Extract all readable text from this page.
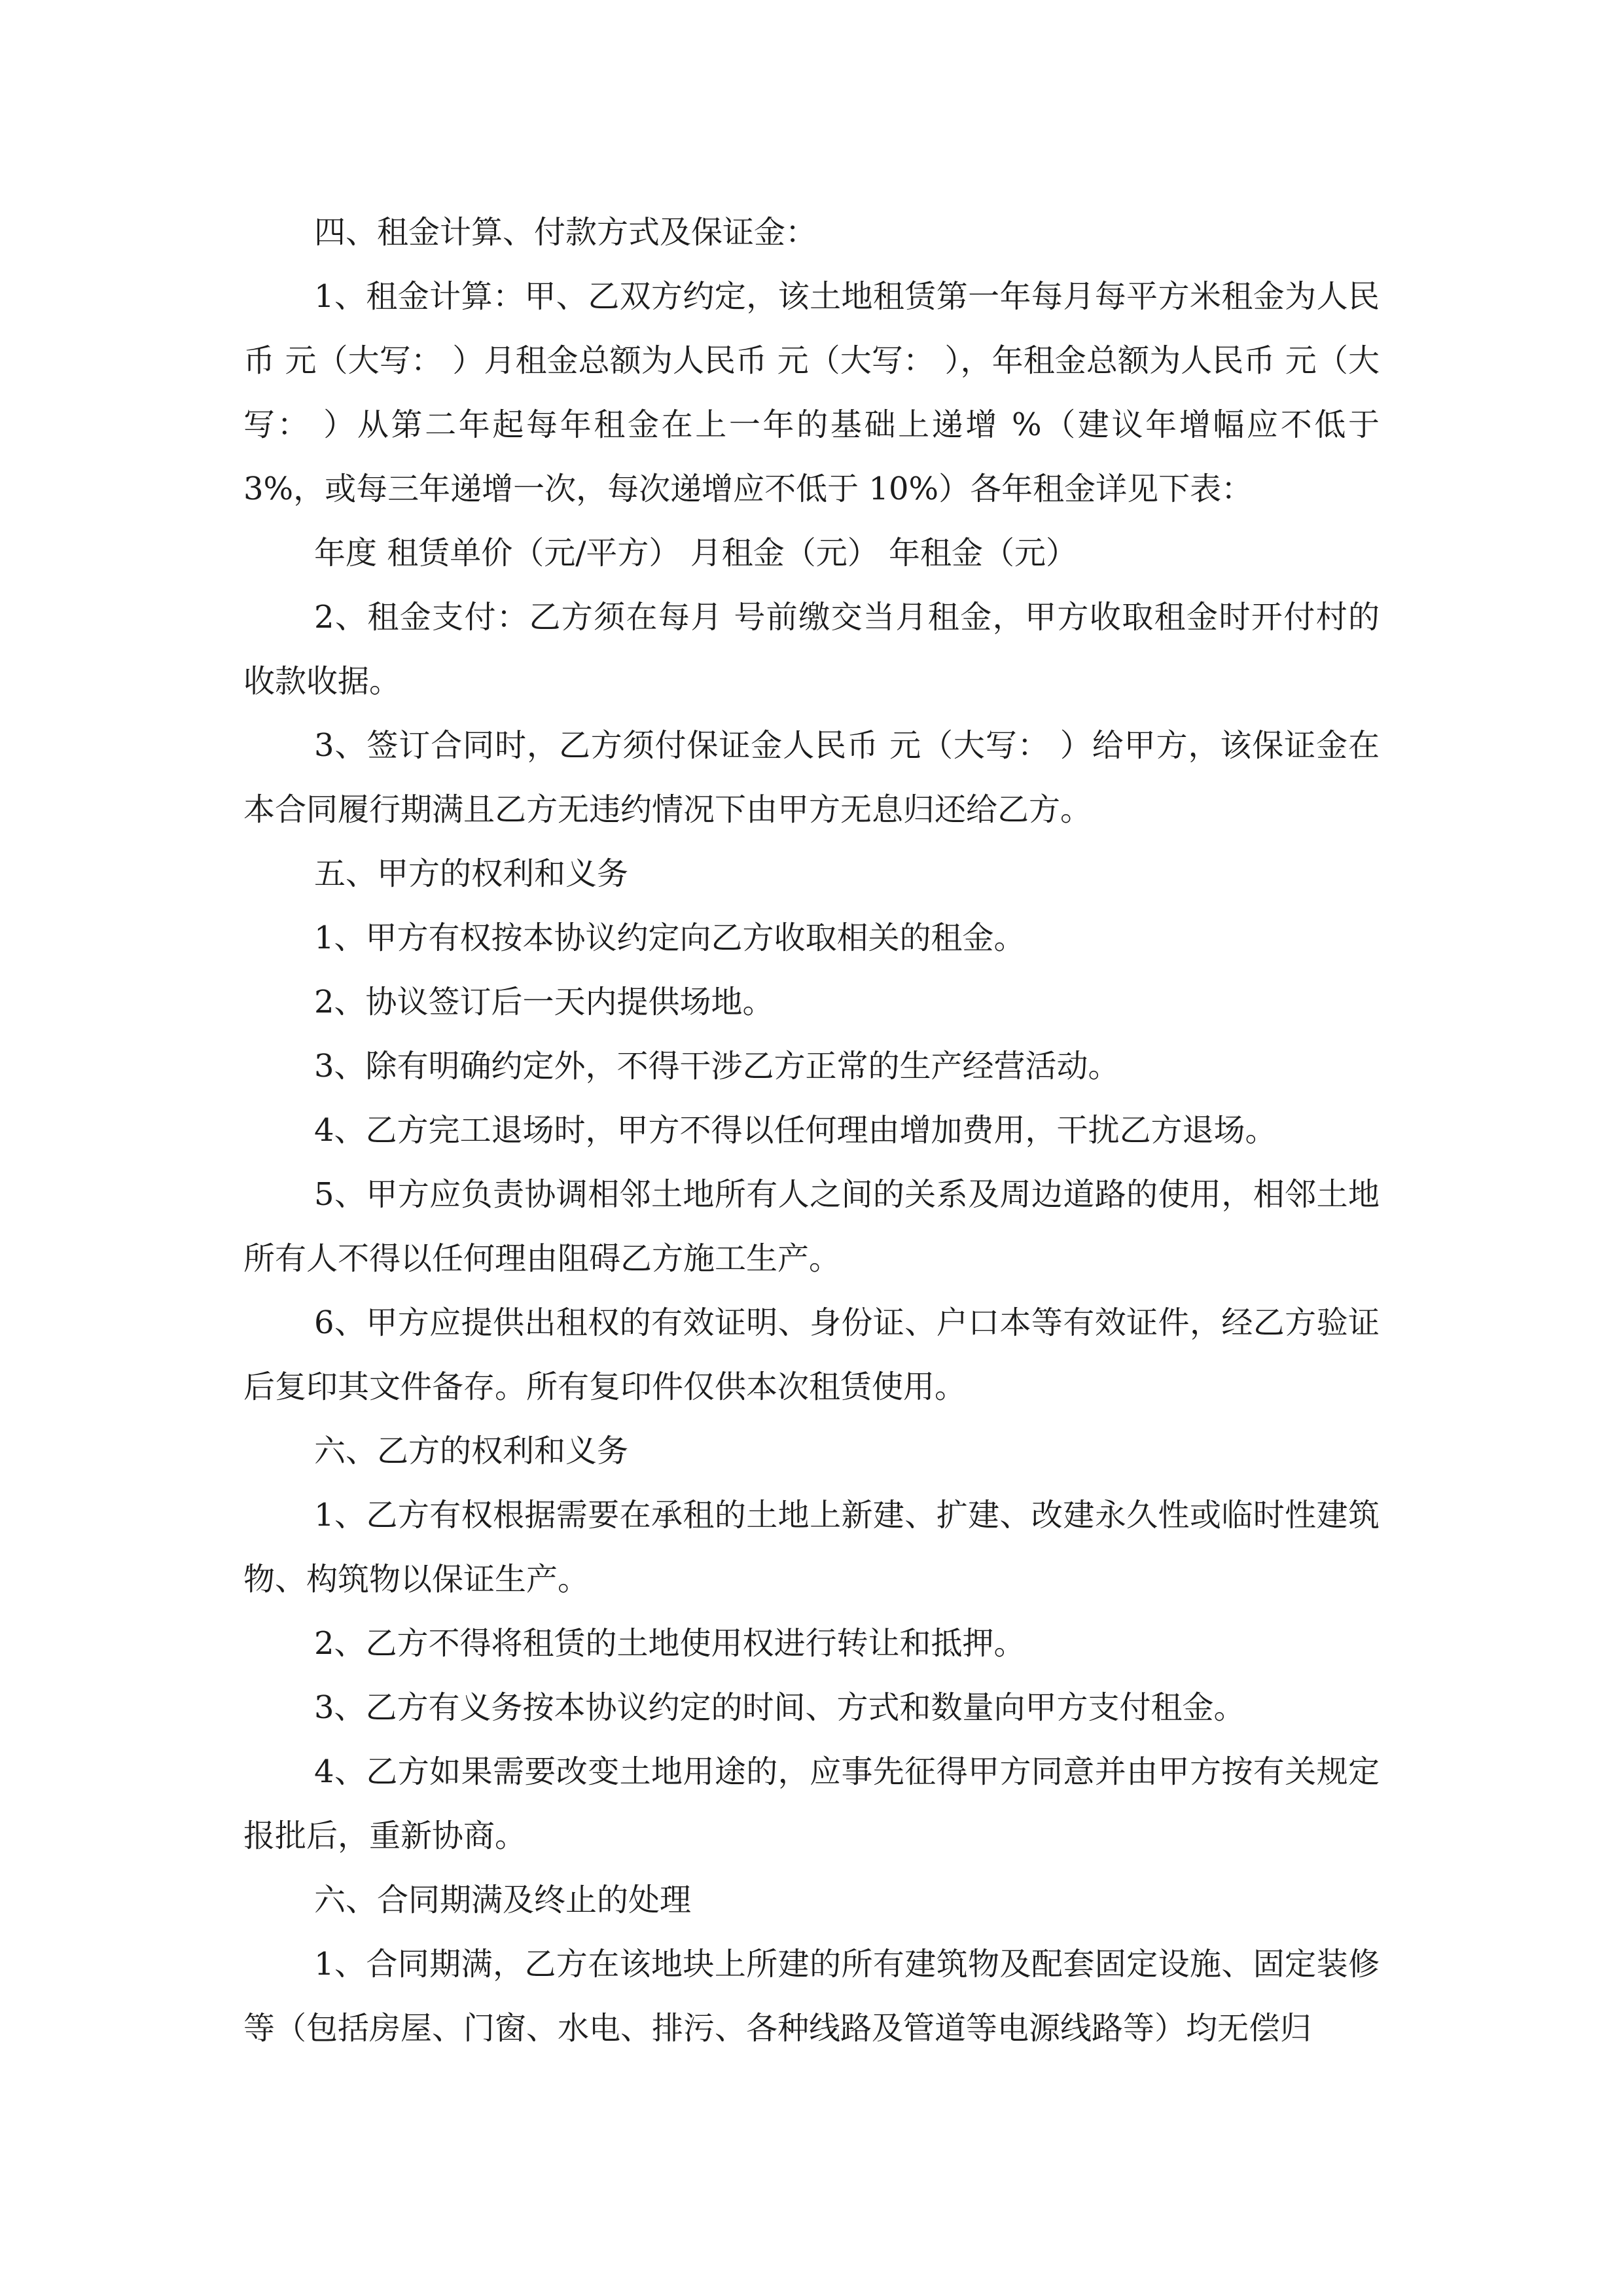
四、租金计算、付款方式及保证金：

1、租金计算：甲、乙双方约定，该土地租赁第一年每月每平方米租金为人民币 元（大写： ）月租金总额为人民币 元（大写： ），年租金总额为人民币 元（大写： ）从第二年起每年租金在上一年的基础上递增 %（建议年增幅应不低于 3%，或每三年递增一次，每次递增应不低于 10%）各年租金详见下表：

年度 租赁单价（元/平方） 月租金（元） 年租金（元）

2、租金支付：乙方须在每月 号前缴交当月租金，甲方收取租金时开付村的收款收据。

3、签订合同时，乙方须付保证金人民币 元（大写： ）给甲方，该保证金在本合同履行期满且乙方无违约情况下由甲方无息归还给乙方。

五、甲方的权利和义务

1、甲方有权按本协议约定向乙方收取相关的租金。

2、协议签订后一天内提供场地。

3、除有明确约定外，不得干涉乙方正常的生产经营活动。

4、乙方完工退场时，甲方不得以任何理由增加费用，干扰乙方退场。

5、甲方应负责协调相邻土地所有人之间的关系及周边道路的使用，相邻土地所有人不得以任何理由阻碍乙方施工生产。

6、甲方应提供出租权的有效证明、身份证、户口本等有效证件，经乙方验证后复印其文件备存。所有复印件仅供本次租赁使用。

六、乙方的权利和义务

1、乙方有权根据需要在承租的土地上新建、扩建、改建永久性或临时性建筑物、构筑物以保证生产。

2、乙方不得将租赁的土地使用权进行转让和抵押。

3、乙方有义务按本协议约定的时间、方式和数量向甲方支付租金。

4、乙方如果需要改变土地用途的，应事先征得甲方同意并由甲方按有关规定报批后，重新协商。

六、合同期满及终止的处理

1、合同期满，乙方在该地块上所建的所有建筑物及配套固定设施、固定装修等（包括房屋、门窗、水电、排污、各种线路及管道等电源线路等）均无偿归
